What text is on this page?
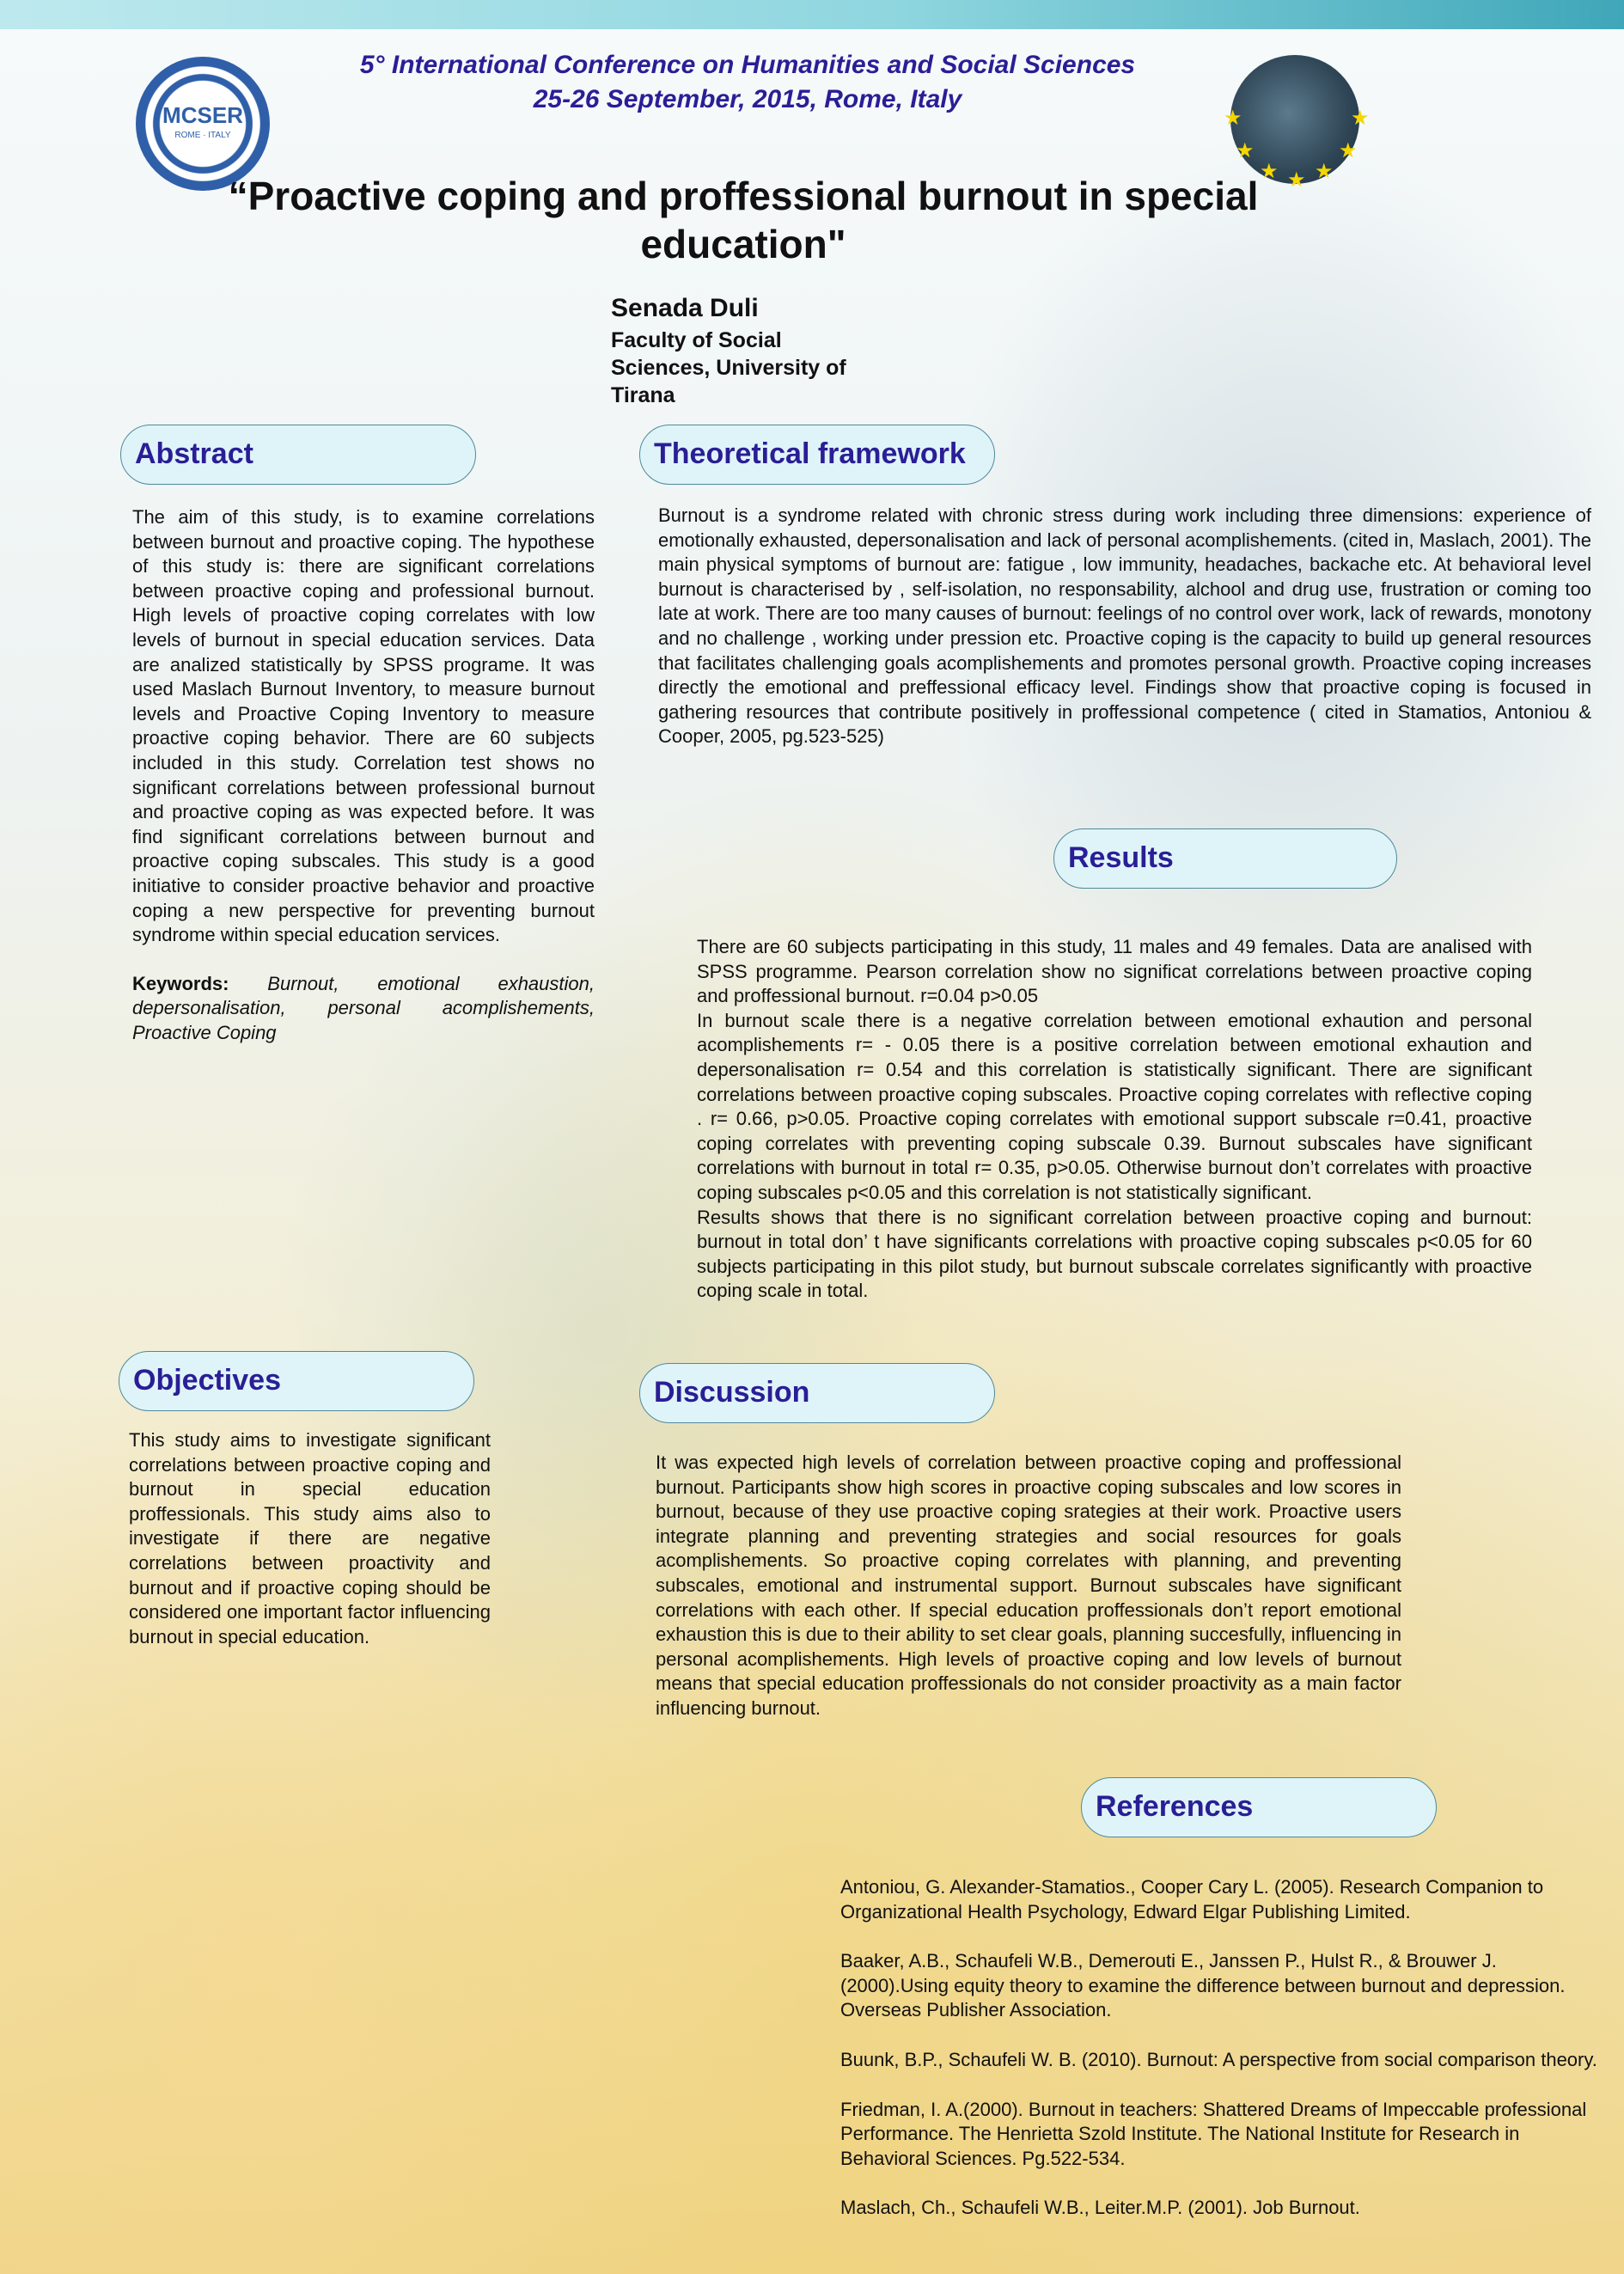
5° International Conference on Humanities and Social Sciences
25-26 September, 2015, Rome, Italy
MCSER
ROME · ITALY
★
★
★ ★ ★
★
★
“Proactive coping and proffessional burnout in special education"
Senada Duli
Faculty of Social Sciences, University of Tirana
Abstract

The aim of this study, is to examine correlations between burnout and proactive coping. The hypothese of this study is: there are significant correlations between proactive coping and professional burnout. High levels of proactive coping correlates with low levels of burnout in special education services. Data are analized statistically by SPSS programe. It was used Maslach Burnout Inventory, to measure burnout levels and Proactive Coping Inventory to measure proactive coping behavior. There are 60 subjects included in this study. Correlation test shows no significant correlations between professional burnout and proactive coping as was expected before. It was find significant correlations between burnout and proactive coping subscales. This study is a good initiative to consider proactive behavior and proactive coping a new perspective for preventing burnout syndrome within special education services.

Keywords: Burnout, emotional exhaustion, depersonalisation, personal acomplishements, Proactive Coping

Theoretical framework

Burnout is a syndrome related with chronic stress during work including three dimensions: experience of emotionally exhausted, depersonalisation and lack of personal acomplishements. (cited in, Maslach, 2001). The main physical symptoms of burnout are: fatigue , low immunity, headaches, backache etc. At behavioral level burnout is characterised by , self-isolation, no responsability, alchool and drug use, frustration or coming too late at work. There are too many causes of burnout: feelings of no control over work, lack of rewards, monotony and no challenge , working under pression etc. Proactive coping is the capacity to build up general resources that facilitates challenging goals acomplishements and promotes personal growth. Proactive coping increases directly the emotional and preffessional efficacy level. Findings show that proactive coping is focused in gathering resources that contribute positively in proffessional competence ( cited in Stamatios, Antoniou & Cooper, 2005, pg.523-525)

Results

There are 60 subjects participating in this study, 11 males and 49 females. Data are analised with SPSS programme. Pearson correlation show no significat correlations between proactive coping and proffessional burnout. r=0.04 p>0.05

In burnout scale there is a negative correlation between emotional exhaution and personal acomplishements r= - 0.05 there is a positive correlation between emotional exhaution and depersonalisation r= 0.54 and this correlation is statistically significant. There are significant correlations between proactive coping subscales. Proactive coping correlates with reflective coping . r= 0.66, p>0.05. Proactive coping correlates with emotional support subscale r=0.41, proactive coping correlates with preventing coping subscale 0.39. Burnout subscales have significant correlations with burnout in total r= 0.35, p>0.05. Otherwise burnout don’t correlates with proactive coping subscales p<0.05 and this correlation is not statistically significant.

Results shows that there is no significant correlation between proactive coping and burnout: burnout in total don’ t have significants correlations with proactive coping subscales p<0.05 for 60 subjects participating in this pilot study, but burnout subscale correlates significantly with proactive coping scale in total.

Objectives

This study aims to investigate significant correlations between proactive coping and burnout in special education proffessionals. This study aims also to investigate if there are negative correlations between proactivity and burnout and if proactive coping should be considered one important factor influencing burnout in special education.

Discussion

It was expected high levels of correlation between proactive coping and proffessional burnout. Participants show high scores in proactive coping subscales and low scores in burnout, because of they use proactive coping srategies at their work. Proactive users integrate planning and preventing strategies and social resources for goals acomplishements. So proactive coping correlates with planning, and preventing subscales, emotional and instrumental support. Burnout subscales have significant correlations with each other. If special education proffessionals don’t report emotional exhaustion this is due to their ability to set clear goals, planning succesfully, influencing in personal acomplishements. High levels of proactive coping and low levels of burnout means that special education proffessionals do not consider proactivity as a main factor influencing burnout.

References

Antoniou, G. Alexander-Stamatios., Cooper Cary L. (2005). Research Companion to Organizational Health Psychology, Edward Elgar Publishing Limited.

Baaker, A.B., Schaufeli W.B., Demerouti E., Janssen P., Hulst R., & Brouwer J. (2000).Using equity theory to examine the difference between burnout and depression. Overseas Publisher Association.

Buunk, B.P., Schaufeli W. B. (2010). Burnout: A perspective from social comparison theory.

Friedman, I. A.(2000). Burnout in teachers: Shattered Dreams of Impeccable professional Performance. The Henrietta Szold Institute. The National Institute for Research in Behavioral Sciences. Pg.522-534.

Maslach, Ch., Schaufeli W.B., Leiter.M.P. (2001). Job Burnout.
